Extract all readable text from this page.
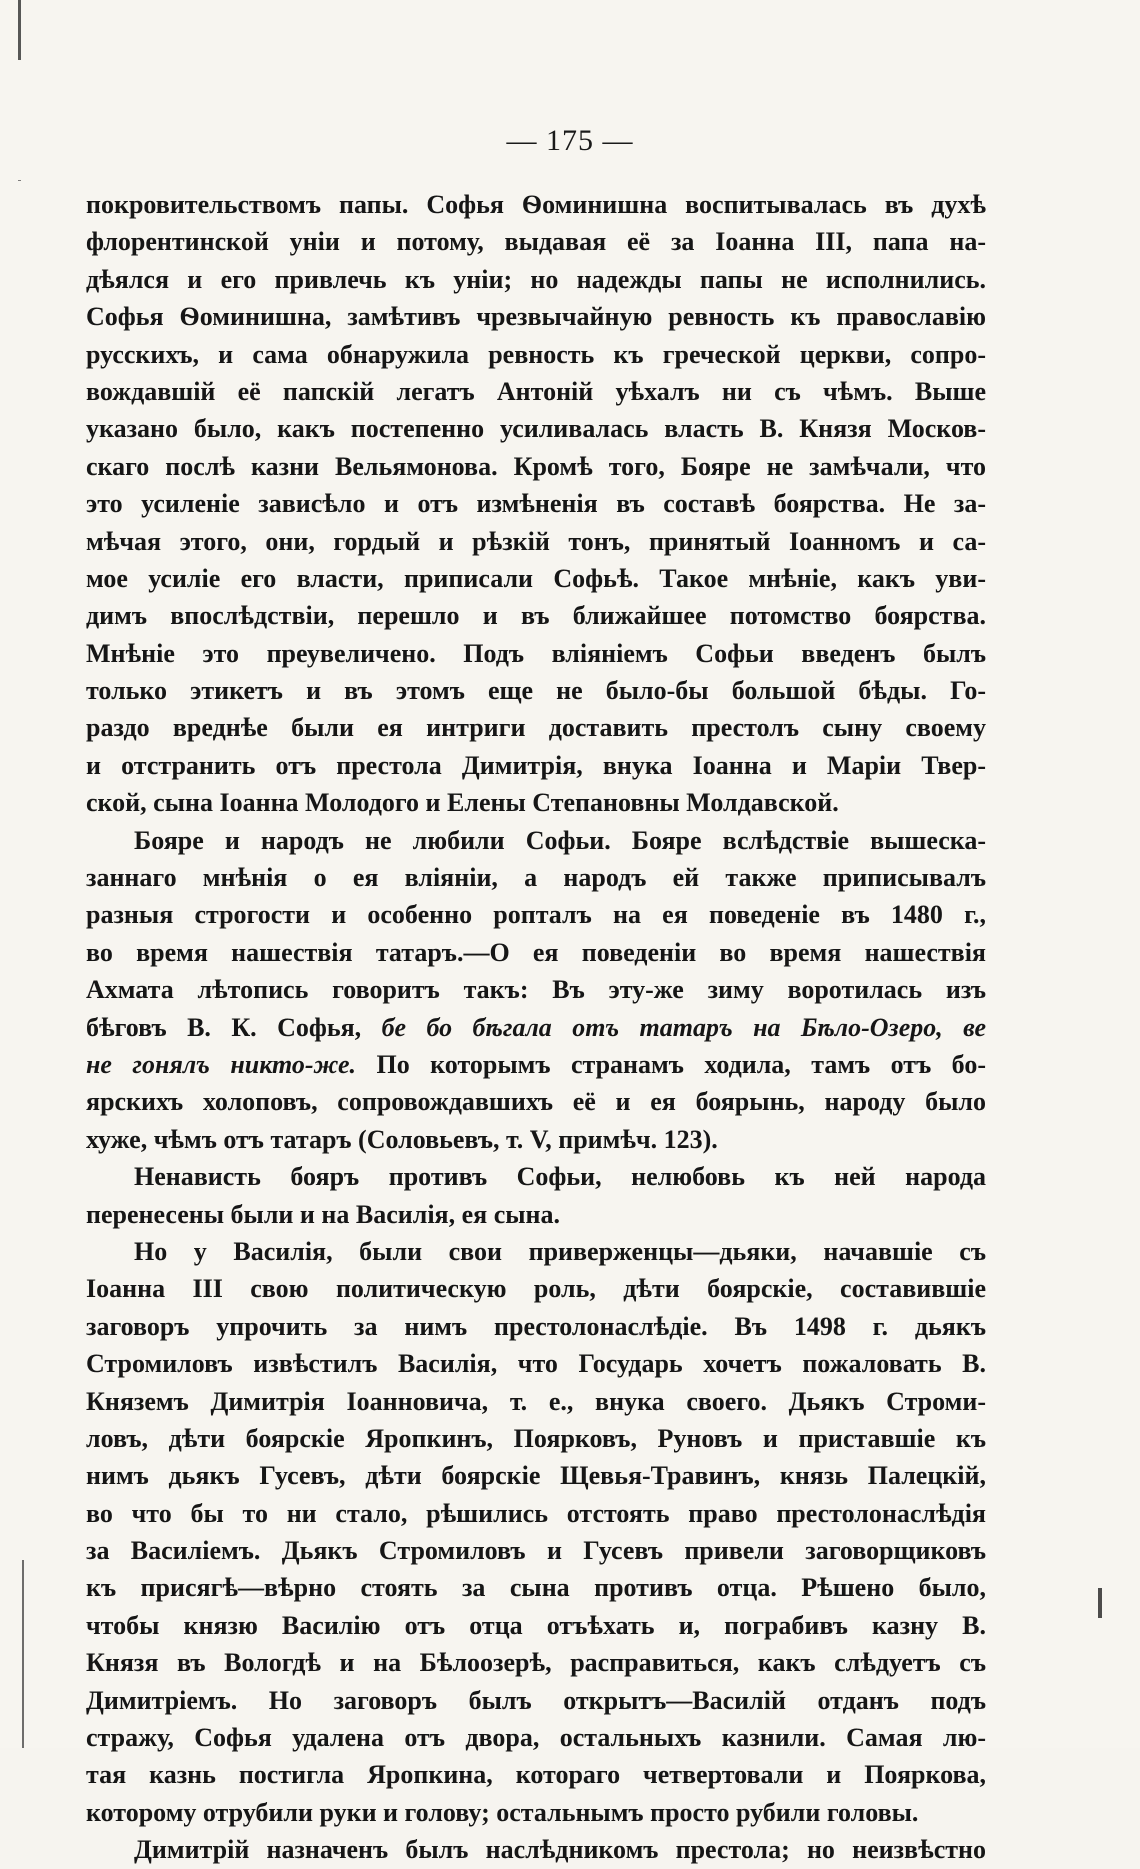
— 175 —
покровительствомъ папы. Софья Ѳоминишна воспитывалась въ духѣ
флорентинской уніи и потому, выдавая её за Іоанна III, папа на-
дѣялся и его привлечь къ уніи; но надежды папы не исполнились.
Софья Ѳоминишна, замѣтивъ чрезвычайную ревность къ православію
русскихъ, и сама обнаружила ревность къ греческой церкви, сопро-
вождавшій её папскій легатъ Антоній уѣхалъ ни съ чѣмъ. Выше
указано было, какъ постепенно усиливалась власть В. Князя Москов-
скаго послѣ казни Вельямонова. Кромѣ того, Бояре не замѣчали, что
это усиленіе зависѣло и отъ измѣненія въ составѣ боярства. Не за-
мѣчая этого, они, гордый и рѣзкій тонъ, принятый Іоанномъ и са-
мое усиліе его власти, приписали Софьѣ. Такое мнѣніе, какъ уви-
димъ впослѣдствіи, перешло и въ ближайшее потомство боярства.
Мнѣніе это преувеличено. Подъ вліяніемъ Софьи введенъ былъ
только этикетъ и въ этомъ еще не было-бы большой бѣды. Го-
раздо вреднѣе были ея интриги доставить престолъ сыну своему
и отстранить отъ престола Димитрія, внука Іоанна и Маріи Твер-
ской, сына Іоанна Молодого и Елены Степановны Молдавской.
Бояре и народъ не любили Софьи. Бояре вслѣдствіе вышеска-
заннаго мнѣнія о ея вліяніи, а народъ ей также приписывалъ
разныя строгости и особенно ропталъ на ея поведеніе въ 1480 г.,
во время нашествія татаръ.—О ея поведеніи во время нашествія
Ахмата лѣтопись говоритъ такъ: Въ эту-же зиму воротилась изъ
бѣговъ В. К. Софья, бе бо бѣгала отъ татаръ на Бѣло-Озеро, ве
не гонялъ никто-же. По которымъ странамъ ходила, тамъ отъ бо-
ярскихъ холоповъ, сопровождавшихъ её и ея боярынь, народу было
хуже, чѣмъ отъ татаръ (Соловьевъ, т. V, примѣч. 123).
Ненависть бояръ противъ Софьи, нелюбовь къ ней народа
перенесены были и на Василія, ея сына.
Но у Василія, были свои приверженцы—дьяки, начавшіе съ
Іоанна III свою политическую роль, дѣти боярскіе, составившіе
заговоръ упрочить за нимъ престолонаслѣдіе. Въ 1498 г. дьякъ
Стромиловъ извѣстилъ Василія, что Государь хочетъ пожаловать В.
Княземъ Димитрія Іоанновича, т. е., внука своего. Дьякъ Строми-
ловъ, дѣти боярскіе Яропкинъ, Поярковъ, Руновъ и приставшіе къ
нимъ дьякъ Гусевъ, дѣти боярскіе Щевья-Травинъ, князь Палецкій,
во что бы то ни стало, рѣшились отстоять право престолонаслѣдія
за Василіемъ. Дьякъ Стромиловъ и Гусевъ привели заговорщиковъ
къ присягѣ—вѣрно стоять за сына противъ отца. Рѣшено было,
чтобы князю Василію отъ отца отъѣхать и, пограбивъ казну В.
Князя въ Вологдѣ и на Бѣлоозерѣ, расправиться, какъ слѣдуетъ съ
Димитріемъ. Но заговоръ былъ открытъ—Василій отданъ подъ
стражу, Софья удалена отъ двора, остальныхъ казнили. Самая лю-
тая казнь постигла Яропкина, котораго четвертовали и Пояркова,
которому отрубили руки и голову; остальнымъ просто рубили головы.
Димитрій назначенъ былъ наслѣдникомъ престола; но неизвѣстно
